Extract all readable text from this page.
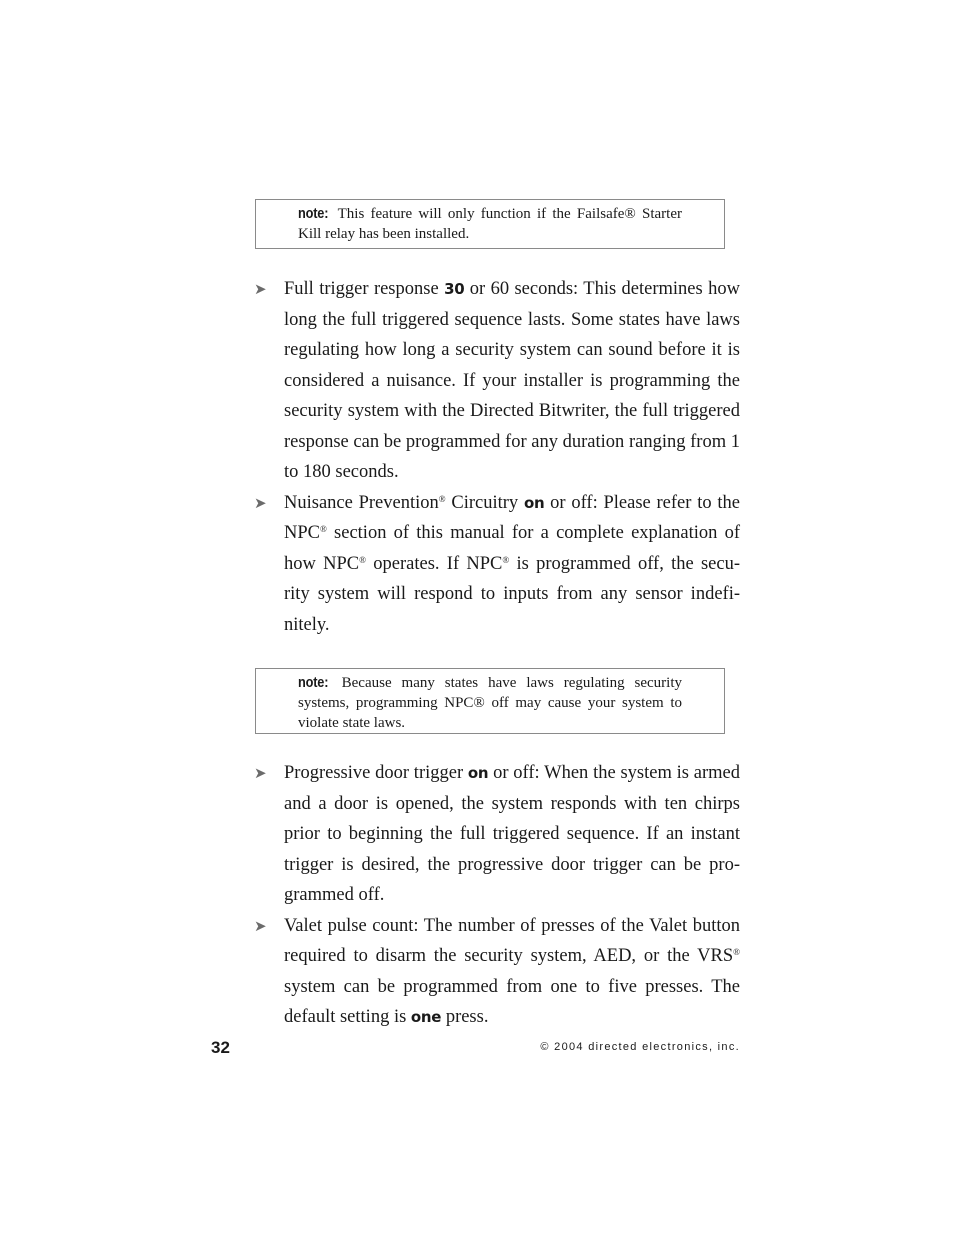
note: This feature will only function if the Failsafe® Starter Kill relay has been installed.
➤ Full trigger response 30 or 60 seconds: This determines how long the full triggered sequence lasts. Some states have laws regulating how long a security system can sound before it is considered a nuisance. If your installer is programming the security system with the Directed Bitwriter, the full triggered response can be programmed for any duration ranging from 1 to 180 seconds.
➤ Nuisance Prevention® Circuitry on or off: Please refer to the NPC® section of this manual for a complete explanation of how NPC® operates. If NPC® is programmed off, the secu-rity system will respond to inputs from any sensor indefi-nitely.
note: Because many states have laws regulating security systems, programming NPC® off may cause your system to violate state laws.
➤ Progressive door trigger on or off: When the system is armed and a door is opened, the system responds with ten chirps prior to beginning the full triggered sequence. If an instant trigger is desired, the progressive door trigger can be pro-grammed off.
➤ Valet pulse count: The number of presses of the Valet button required to disarm the security system, AED, or the VRS® system can be programmed from one to five presses. The default setting is one press.
32	© 2004 directed electronics, inc.
